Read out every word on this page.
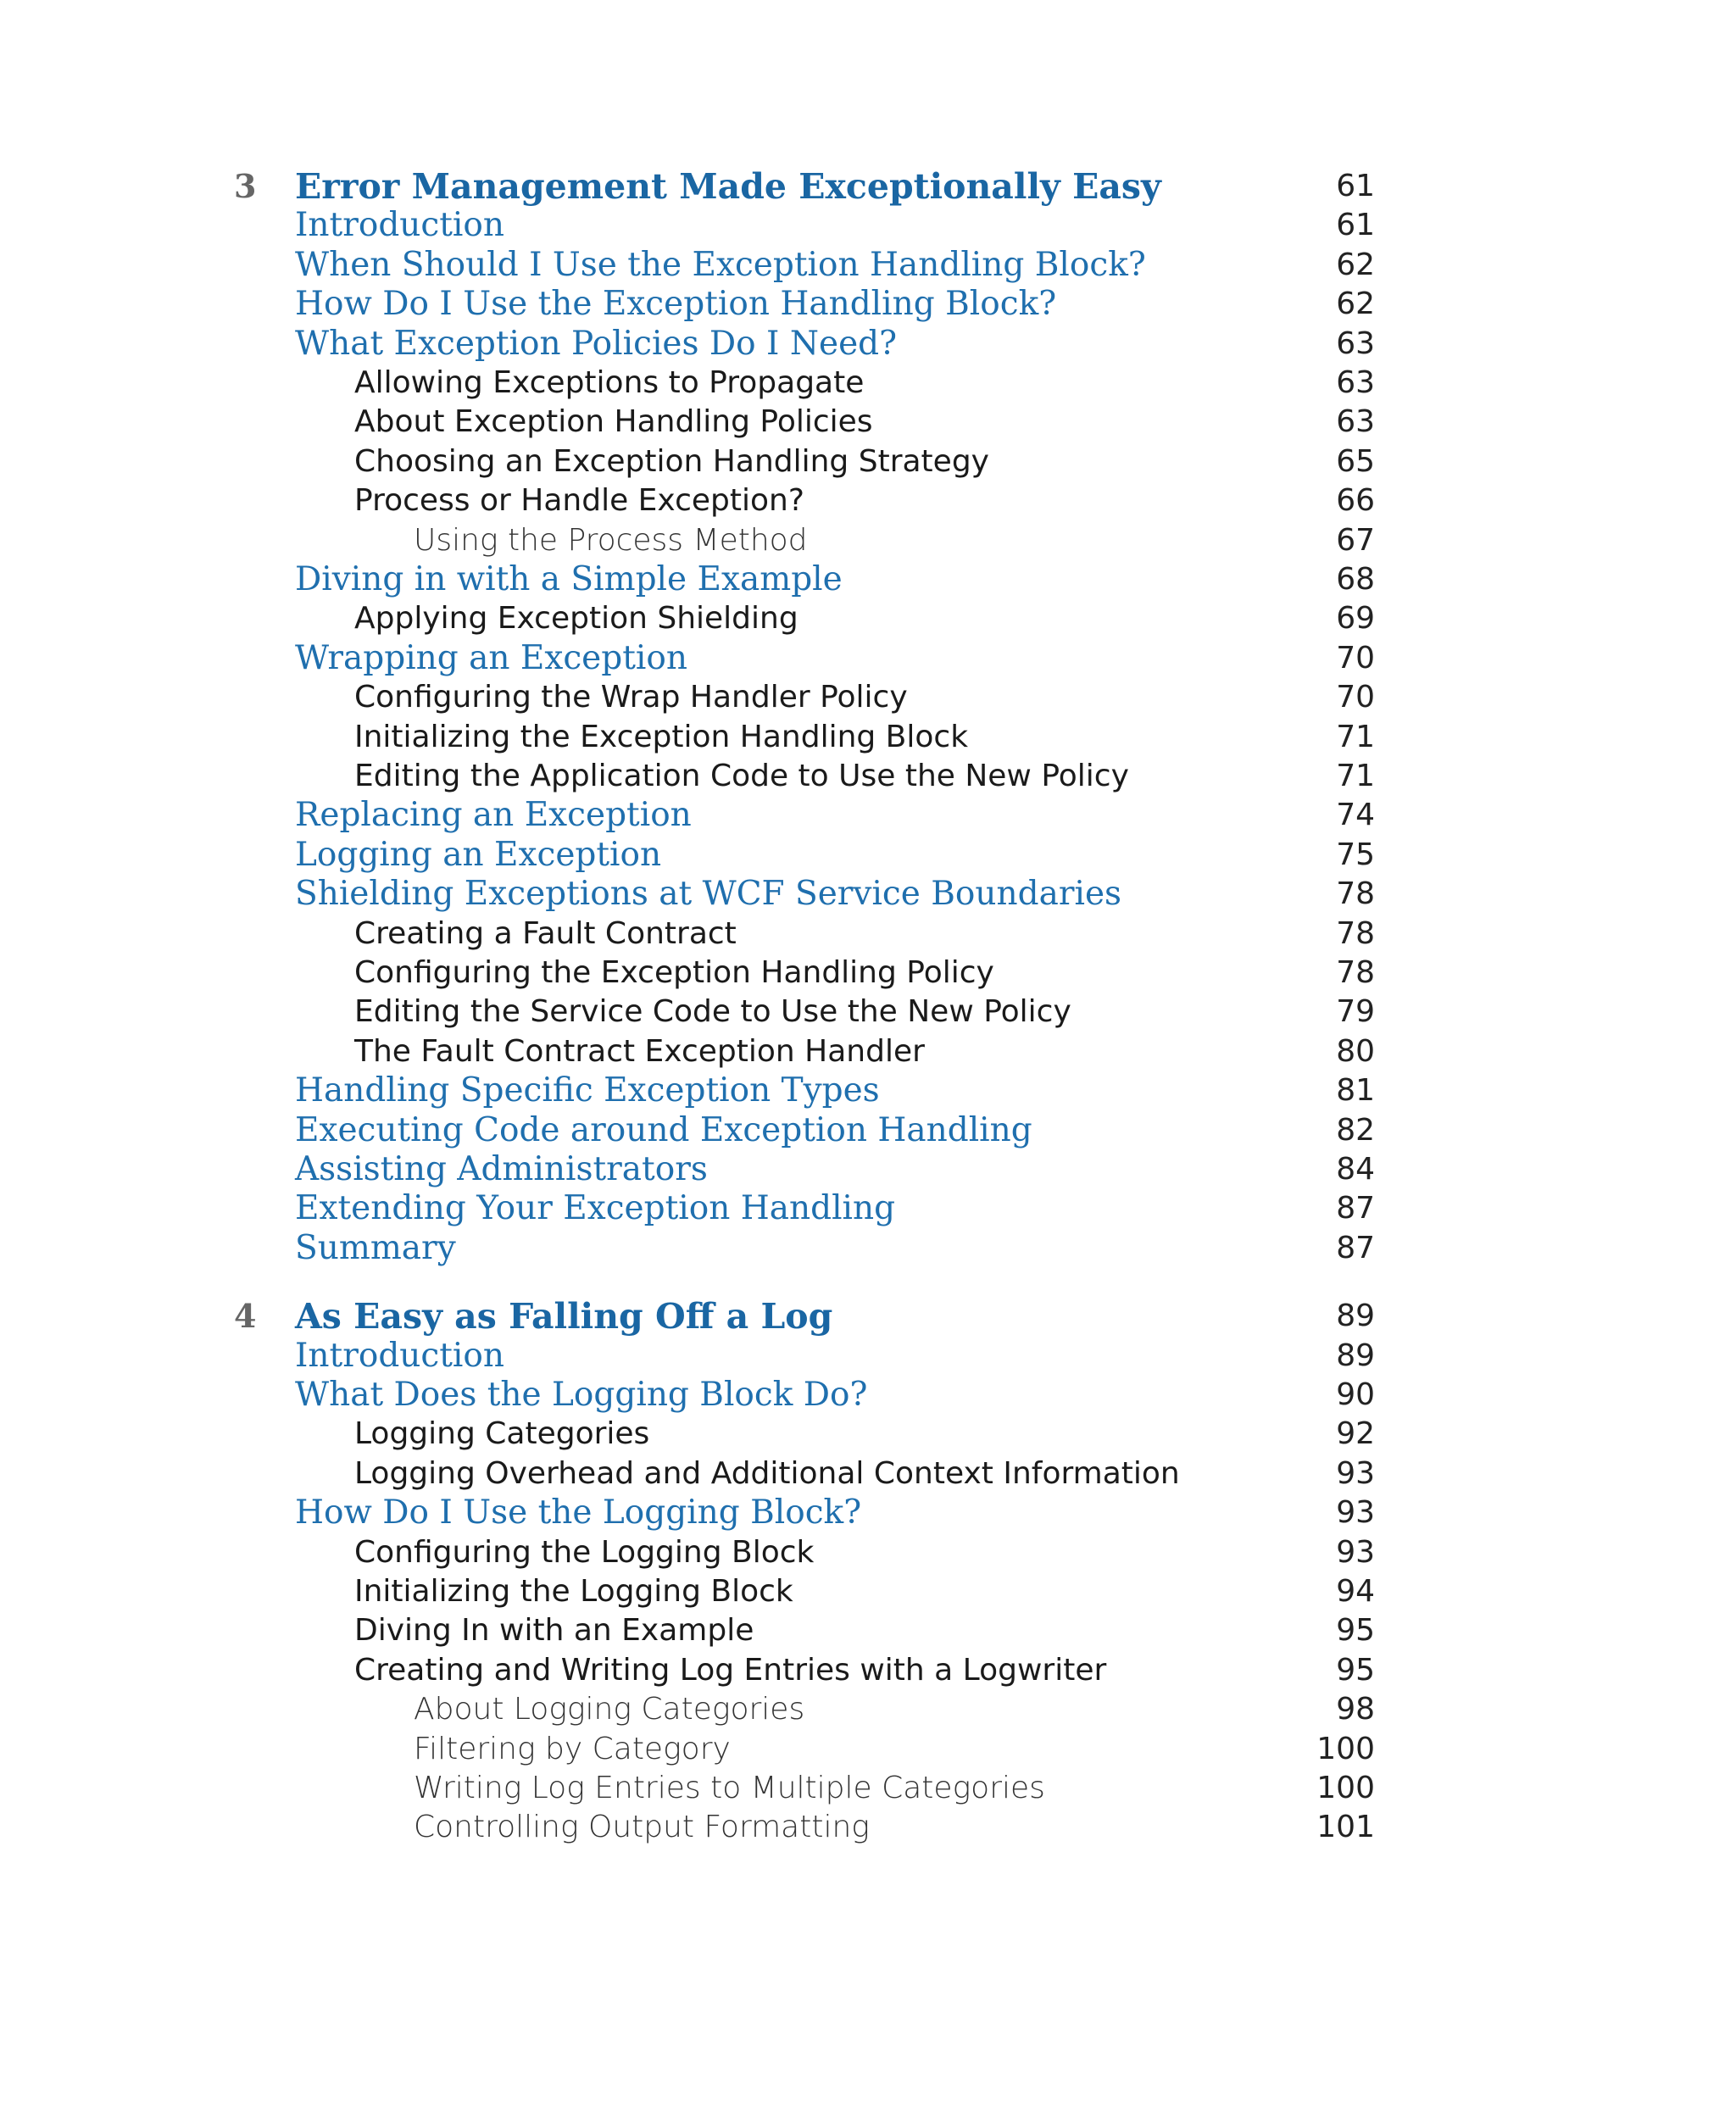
3 Error Management Made Exceptionally Easy	61
Introduction	61
When Should I Use the Exception Handling Block?	62
How Do I Use the Exception Handling Block?	62
What Exception Policies Do I Need?	63
Allowing Exceptions to Propagate	63
About Exception Handling Policies	63
Choosing an Exception Handling Strategy	65
Process or Handle Exception?	66
Using the Process Method	67
Diving in with a Simple Example	68
Applying Exception Shielding	69
Wrapping an Exception	70
Configuring the Wrap Handler Policy	70
Initializing the Exception Handling Block	71
Editing the Application Code to Use the New Policy	71
Replacing an Exception	74
Logging an Exception	75
Shielding Exceptions at WCF Service Boundaries	78
Creating a Fault Contract	78
Configuring the Exception Handling Policy	78
Editing the Service Code to Use the New Policy	79
The Fault Contract Exception Handler	80
Handling Specific Exception Types	81
Executing Code around Exception Handling	82
Assisting Administrators	84
Extending Your Exception Handling	87
Summary	87
4 As Easy as Falling Off a Log	89
Introduction	89
What Does the Logging Block Do?	90
Logging Categories	92
Logging Overhead and Additional Context Information	93
How Do I Use the Logging Block?	93
Configuring the Logging Block	93
Initializing the Logging Block	94
Diving In with an Example	95
Creating and Writing Log Entries with a Logwriter	95
About Logging Categories	98
Filtering by Category	100
Writing Log Entries to Multiple Categories	100
Controlling Output Formatting	101
